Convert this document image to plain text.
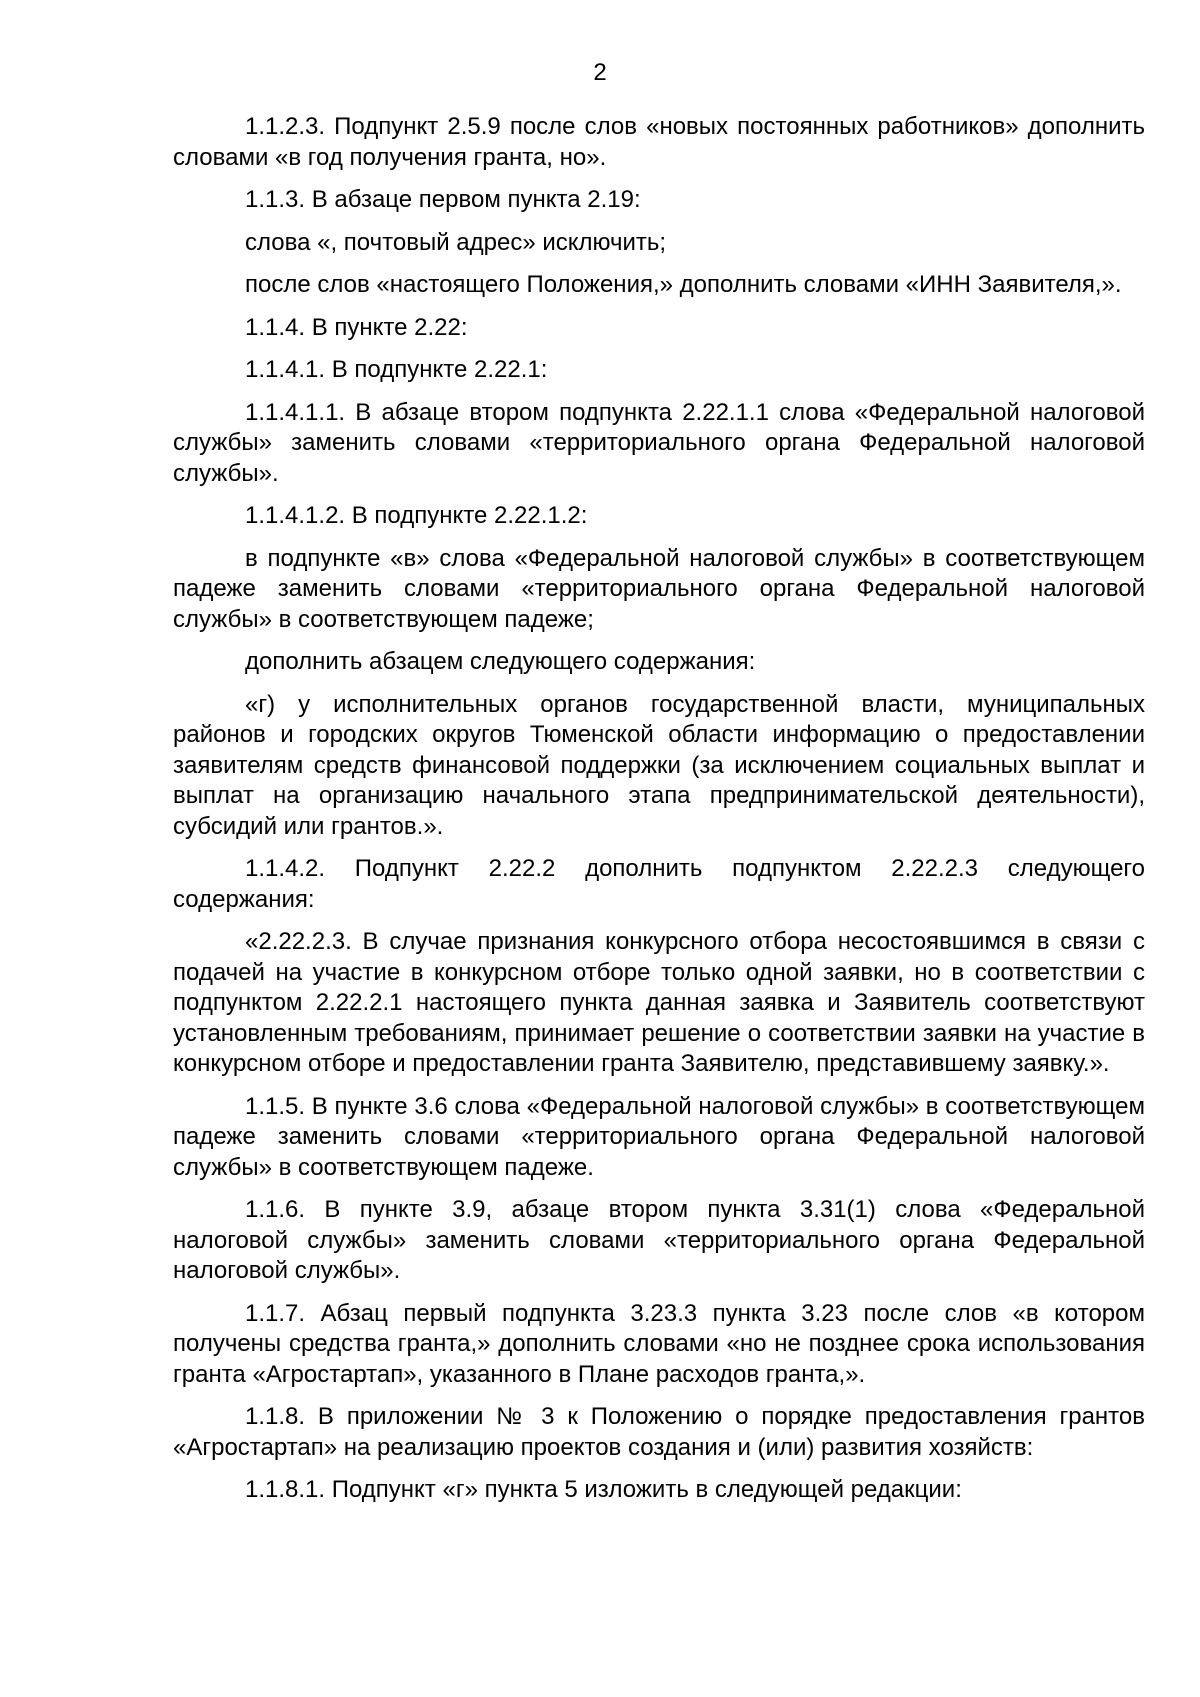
2

1.1.2.3. Подпункт 2.5.9 после слов «новых постоянных работников» дополнить словами «в год получения гранта, но».

1.1.3. В абзаце первом пункта 2.19:

слова «, почтовый адрес» исключить;

после слов «настоящего Положения,» дополнить словами «ИНН Заявителя,».

1.1.4. В пункте 2.22:

1.1.4.1. В подпункте 2.22.1:

1.1.4.1.1. В абзаце втором подпункта 2.22.1.1 слова «Федеральной налоговой службы» заменить словами «территориального органа Федеральной налоговой службы».

1.1.4.1.2. В подпункте 2.22.1.2:

в подпункте «в» слова «Федеральной налоговой службы» в соответствующем падеже заменить словами «территориального органа Федеральной налоговой службы» в соответствующем падеже;

дополнить абзацем следующего содержания:

«г) у исполнительных органов государственной власти, муниципальных районов и городских округов Тюменской области информацию о предоставлении заявителям средств финансовой поддержки (за исключением социальных выплат и выплат на организацию начального этапа предпринимательской деятельности), субсидий или грантов.».

1.1.4.2. Подпункт 2.22.2 дополнить подпунктом 2.22.2.3 следующего содержания:

«2.22.2.3. В случае признания конкурсного отбора несостоявшимся в связи с подачей на участие в конкурсном отборе только одной заявки, но в соответствии с подпунктом 2.22.2.1 настоящего пункта данная заявка и Заявитель соответствуют установленным требованиям, принимает решение о соответствии заявки на участие в конкурсном отборе и предоставлении гранта Заявителю, представившему заявку.».

1.1.5. В пункте 3.6 слова «Федеральной налоговой службы» в соответствующем падеже заменить словами «территориального органа Федеральной налоговой службы» в соответствующем падеже.

1.1.6. В пункте 3.9, абзаце втором пункта 3.31(1) слова «Федеральной налоговой службы» заменить словами «территориального органа Федеральной налоговой службы».

1.1.7. Абзац первый подпункта 3.23.3 пункта 3.23 после слов «в котором получены средства гранта,» дополнить словами «но не позднее срока использования гранта «Агростартап», указанного в Плане расходов гранта,».

1.1.8. В приложении № 3 к Положению о порядке предоставления грантов «Агростартап» на реализацию проектов создания и (или) развития хозяйств:

1.1.8.1. Подпункт «г» пункта 5 изложить в следующей редакции:
